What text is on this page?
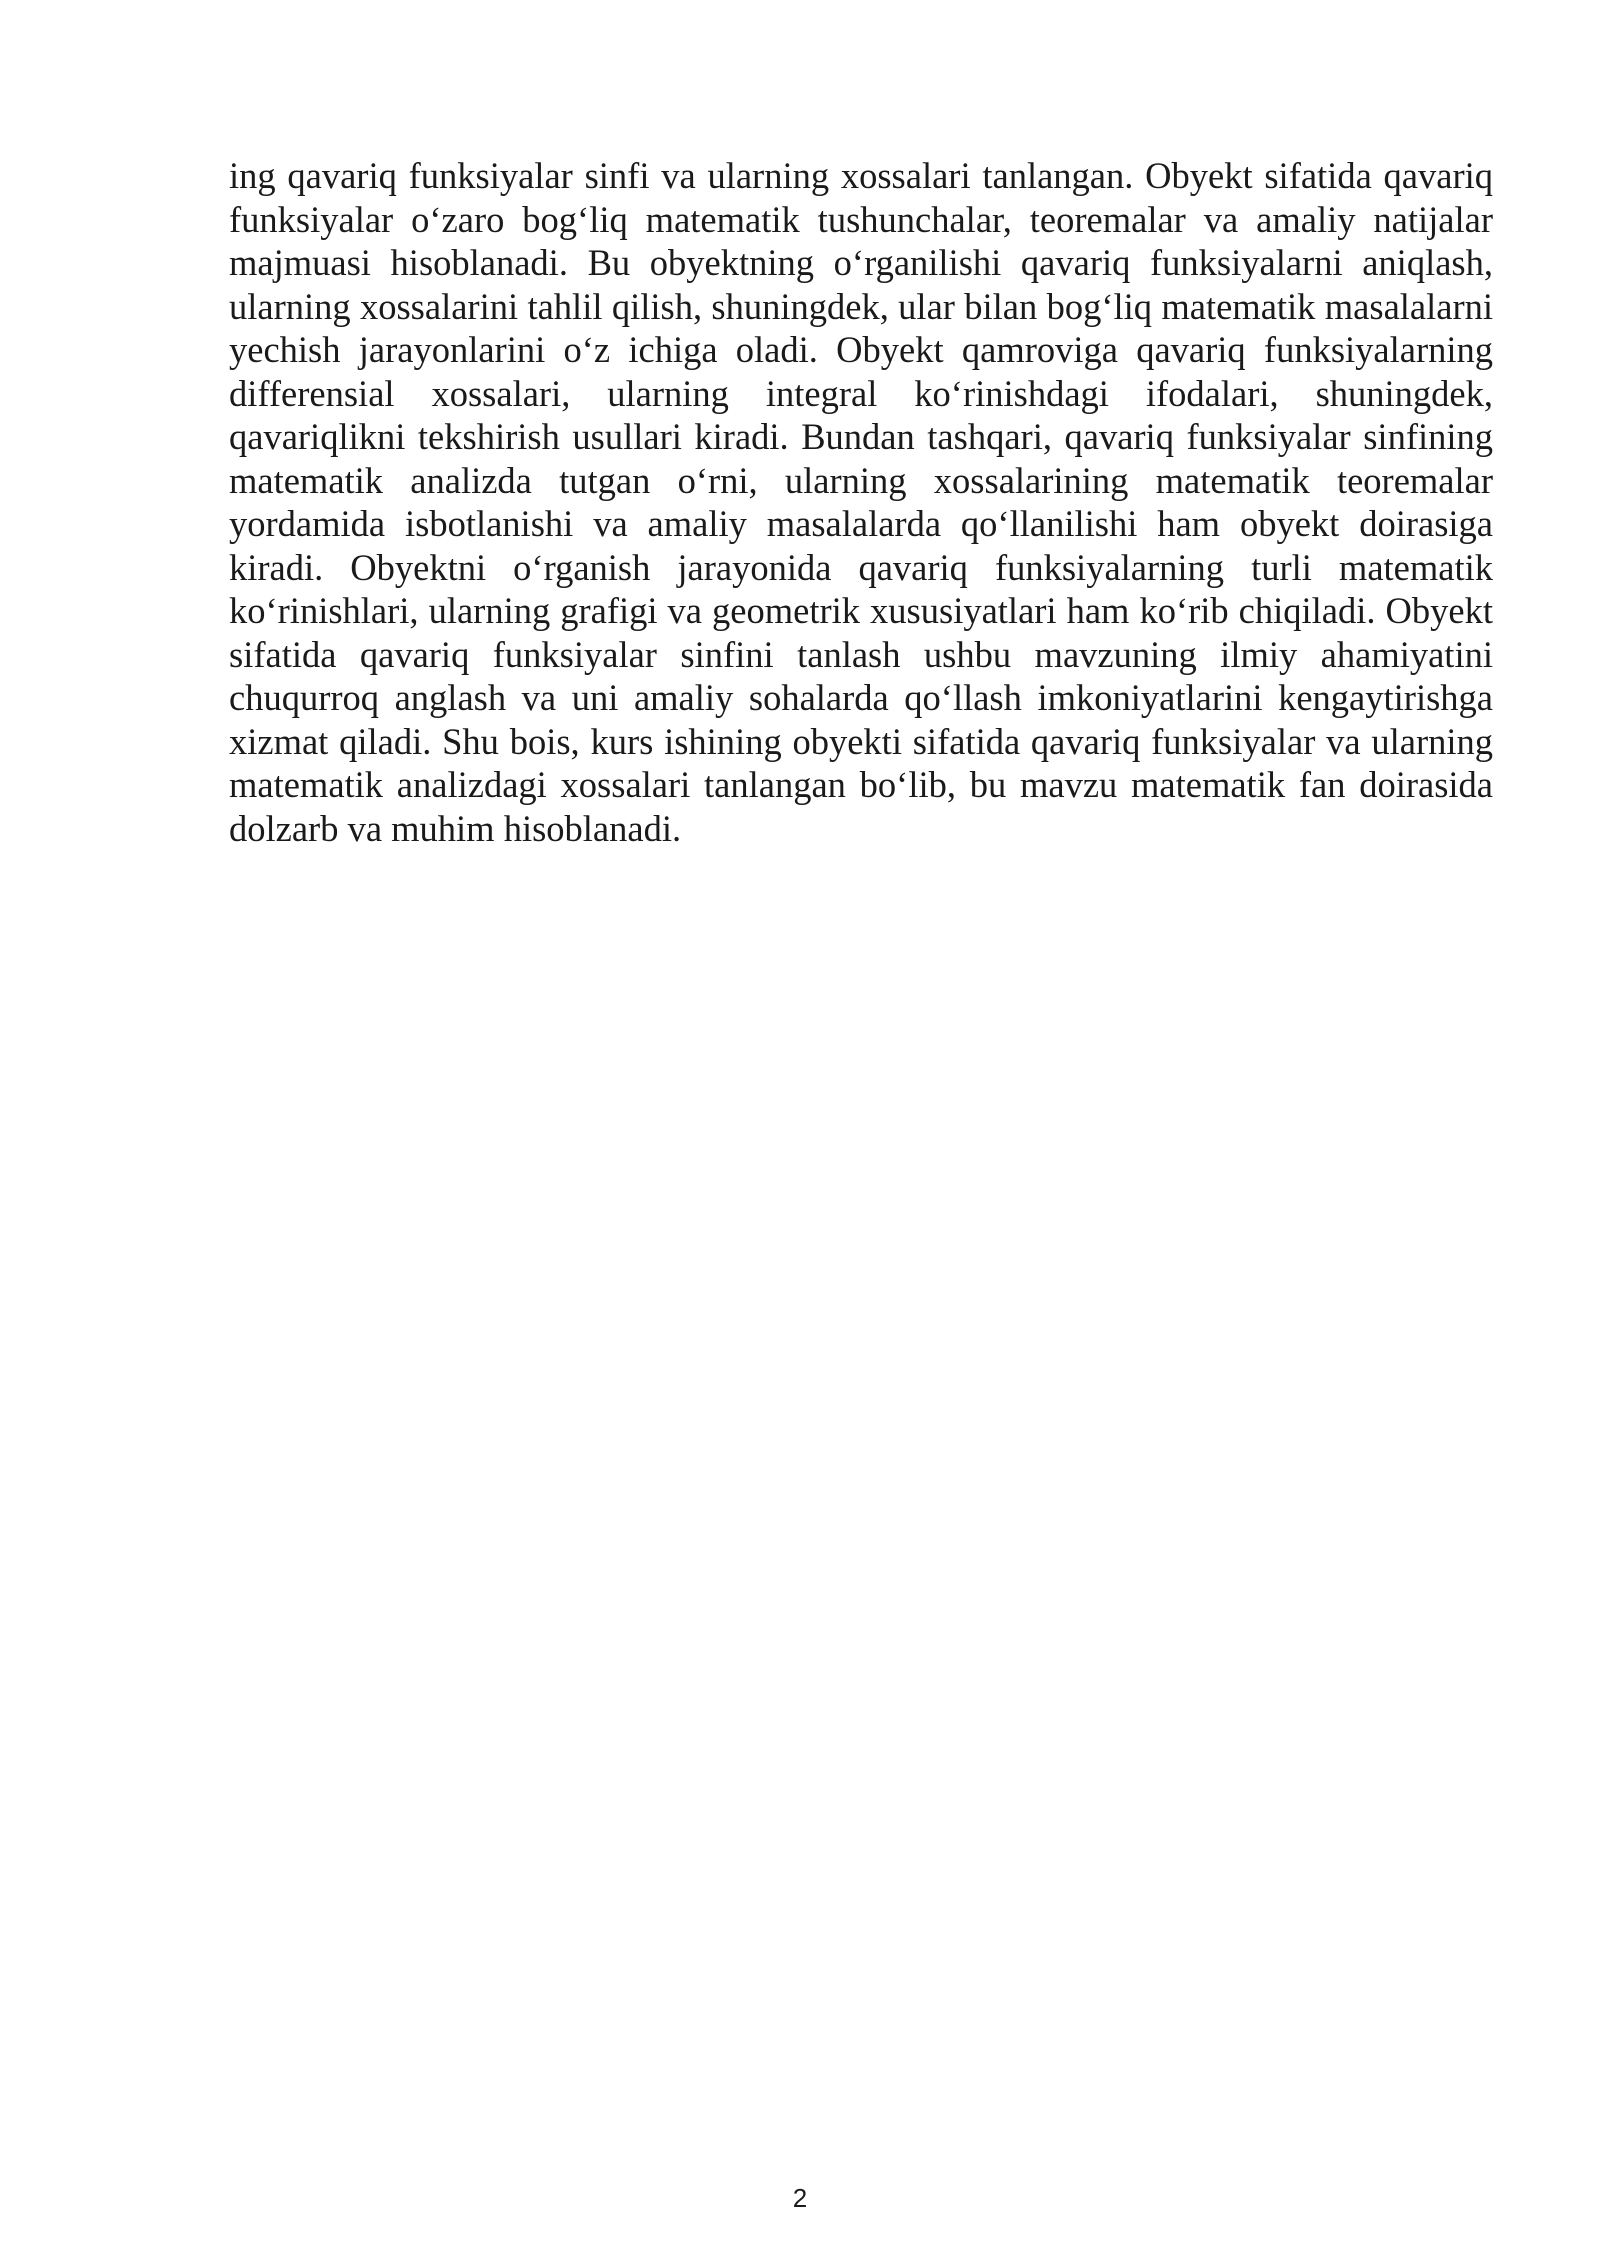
ing qavariq funksiyalar sinfi va ularning xossalari tanlangan. Obyekt sifatida qavariq funksiyalar o‘zaro bog‘liq matematik tushunchalar, teoremalar va amaliy natijalar majmuasi hisoblanadi. Bu obyektning o‘rganilishi qavariq funksiyalarni aniqlash, ularning xossalarini tahlil qilish, shuningdek, ular bilan bog‘liq matematik masalalarni yechish jarayonlarini o‘z ichiga oladi. Obyekt qamroviga qavariq funksiyalarning differensial xossalari, ularning integral ko‘rinishdagi ifodalari, shuningdek, qavariqlikni tekshirish usullari kiradi. Bundan tashqari, qavariq funksiyalar sinfining matematik analizda tutgan o‘rni, ularning xossalarining matematik teoremalar yordamida isbotlanishi va amaliy masalalarda qo‘llanilishi ham obyekt doirasiga kiradi. Obyektni o‘rganish jarayonida qavariq funksiyalarning turli matematik ko‘rinishlari, ularning grafigi va geometrik xususiyatlari ham ko‘rib chiqiladi. Obyekt sifatida qavariq funksiyalar sinfini tanlash ushbu mavzuning ilmiy ahamiyatini chuqurroq anglash va uni amaliy sohalarda qo‘llash imkoniyatlarini kengaytirishga xizmat qiladi. Shu bois, kurs ishining obyekti sifatida qavariq funksiyalar va ularning matematik analizdagi xossalari tanlangan bo‘lib, bu mavzu matematik fan doirasida dolzarb va muhim hisoblanadi.

2
